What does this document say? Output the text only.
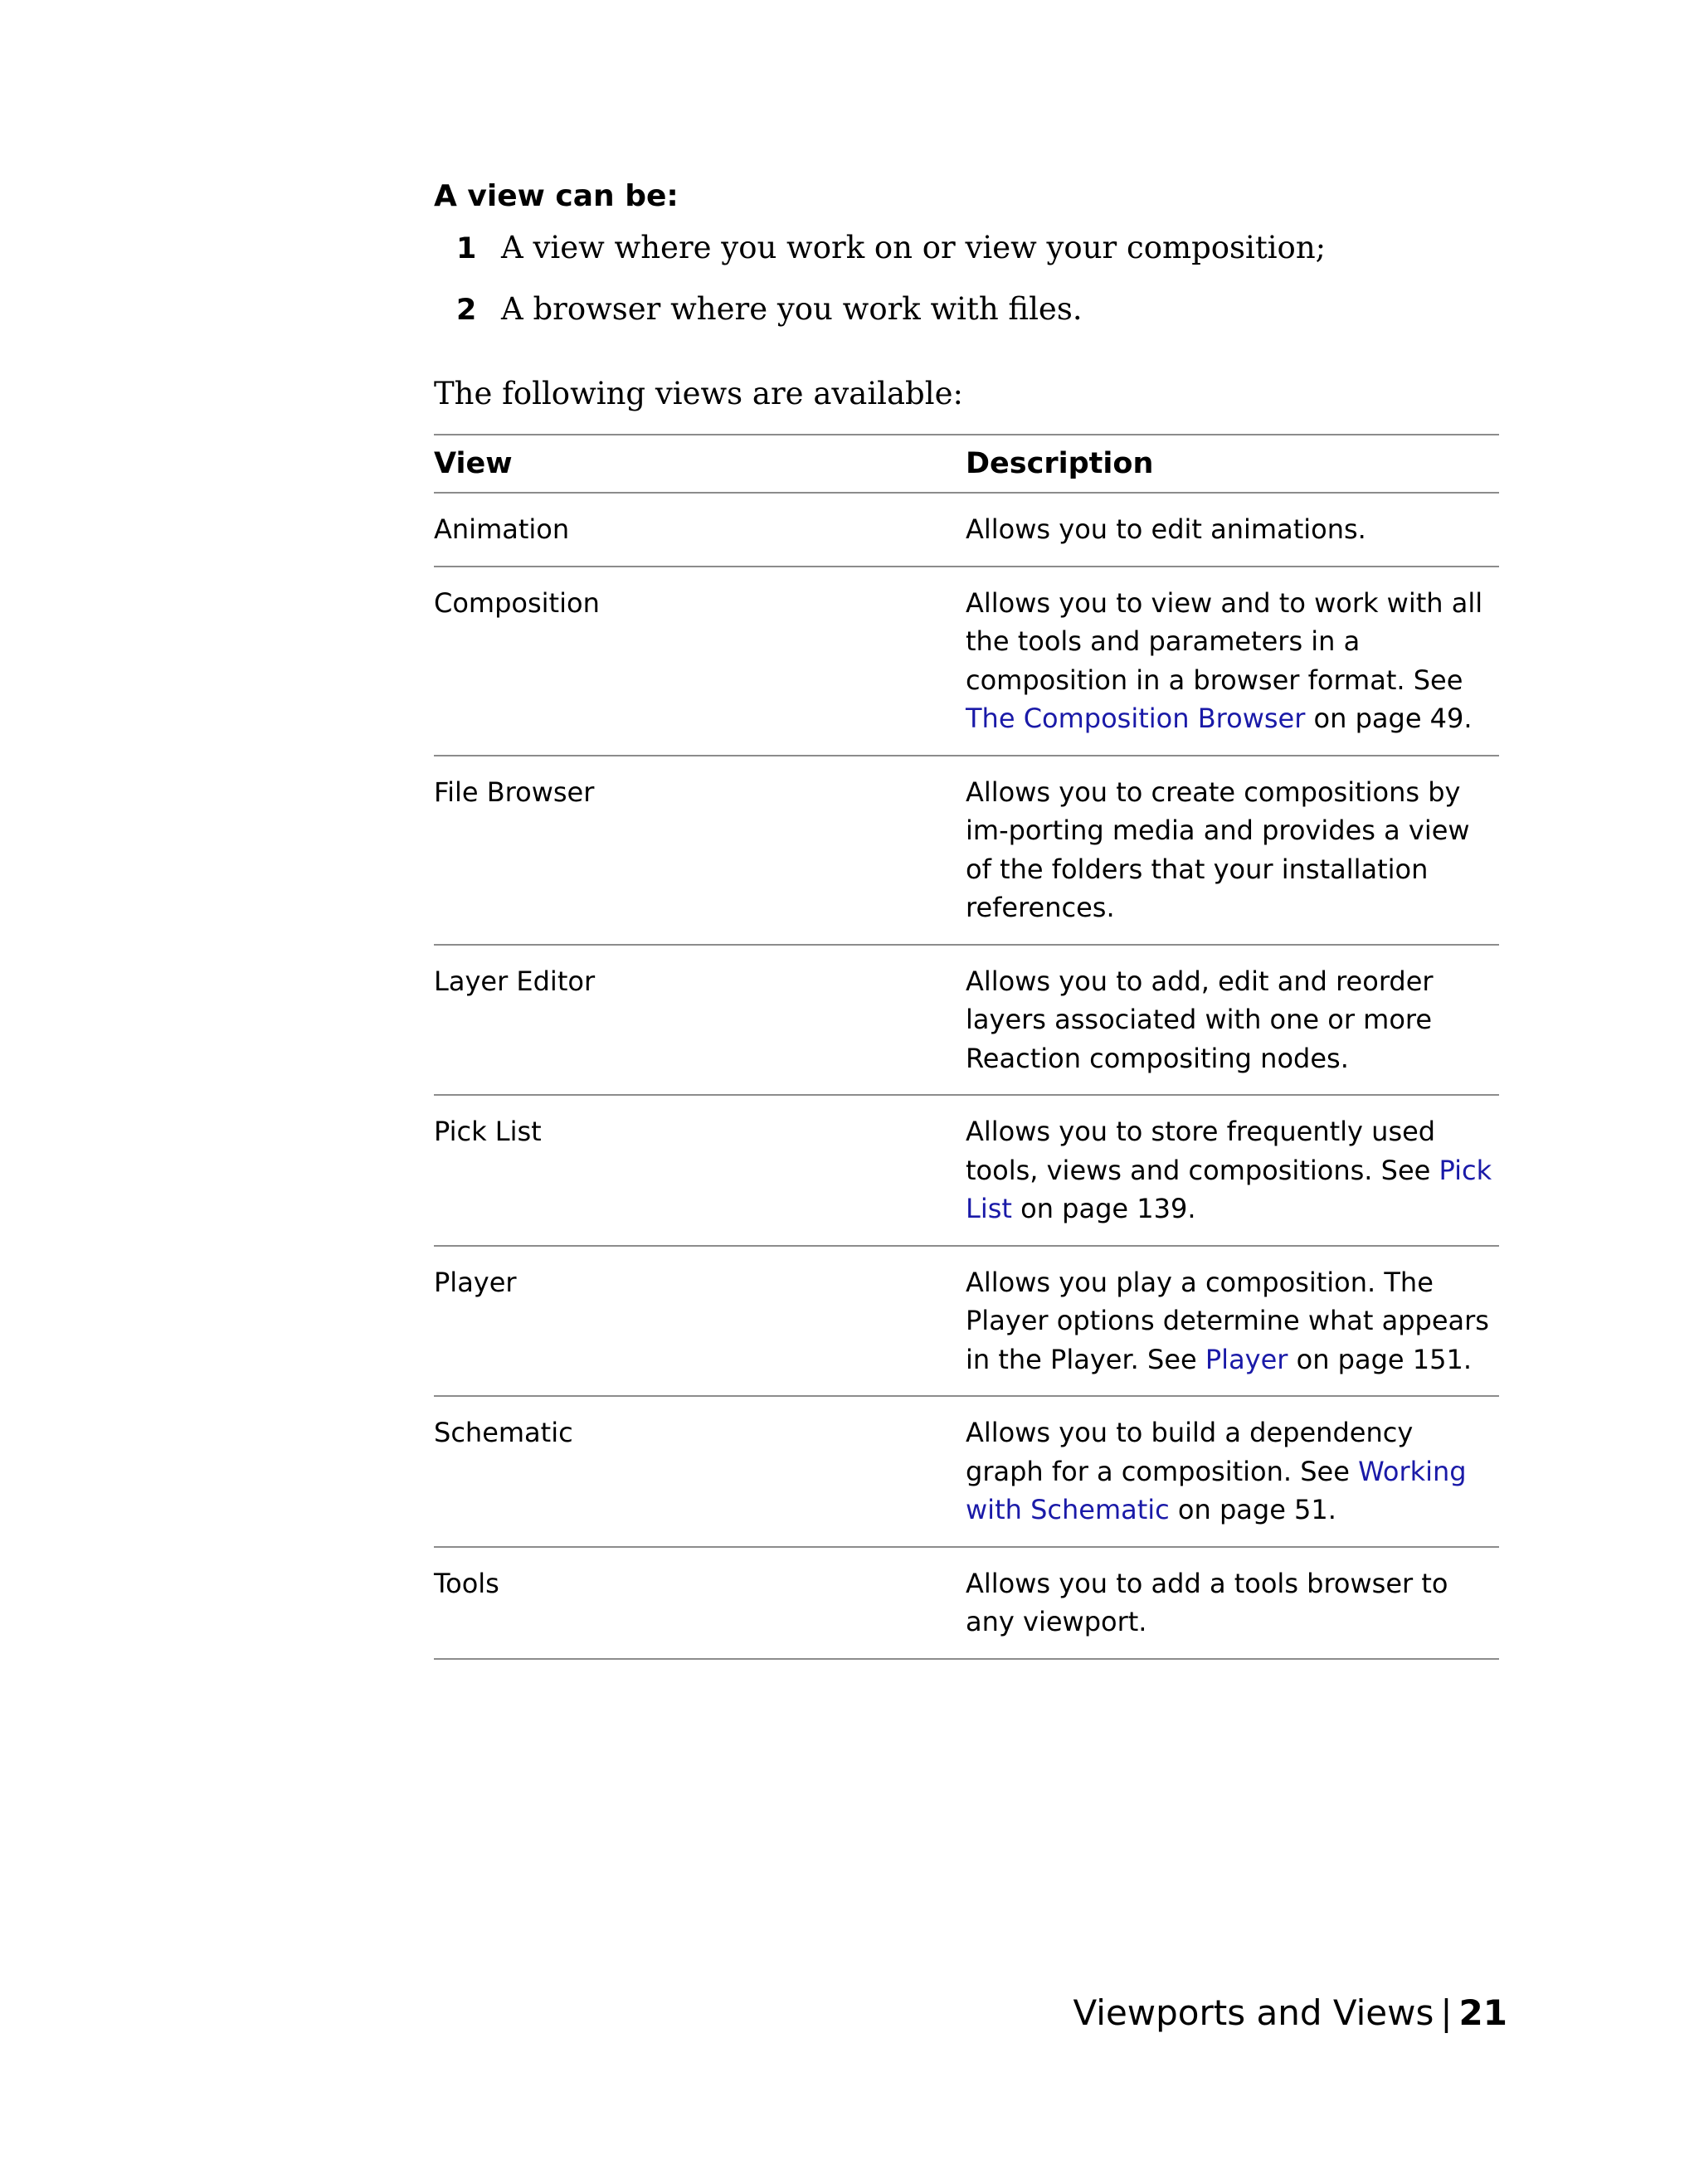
A view can be:
1 A view where you work on or view your composition;
2 A browser where you work with files.

The following views are available:

View	Description
Animation	Allows you to edit animations.
Composition	Allows you to view and to work with all the tools and parameters in a composition in a browser format. See The Composition Browser on page 49.
File Browser	Allows you to create compositions by im-porting media and provides a view of the folders that your installation references.
Layer Editor	Allows you to add, edit and reorder layers associated with one or more Reaction compositing nodes.
Pick List	Allows you to store frequently used tools, views and compositions. See Pick List on page 139.
Player	Allows you play a composition. The Player options determine what appears in the Player. See Player on page 151.
Schematic	Allows you to build a dependency graph for a composition. See Working with Schematic on page 51.
Tools	Allows you to add a tools browser to any viewport.
Viewports and Views | 21
